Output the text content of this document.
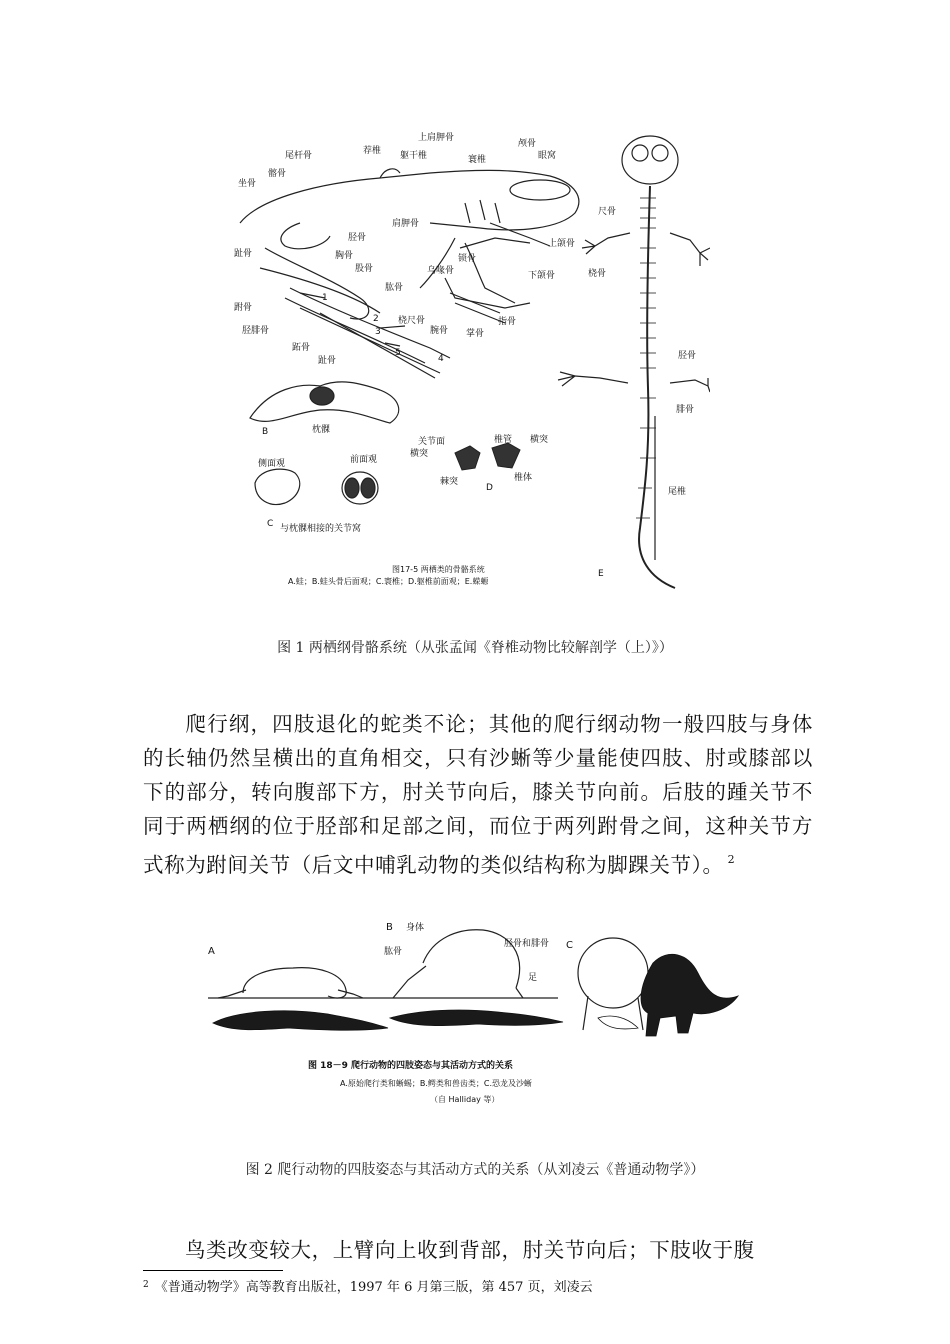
髂骨
尾杆骨
坐骨
趾骨
荐椎 躯干椎
上肩胛骨
寰椎
颅骨
眼窝
肩胛骨
上颌骨
下颌骨
胸骨
股骨
锁骨
乌喙骨
肱骨
跗骨
胫腓骨
跖骨
趾骨
桡尺骨
腕骨 掌骨
指骨
胫骨
1
2
3
4
5
尺骨
桡骨
胫骨
腓骨
尾椎
E
B	枕髁
侧面观	前面观
C 与枕髁相接的关节窝
关节面
横突
棘突
D
椎管 横突
椎体
图17-5 两栖类的骨骼系统
A.蛙；B.蛙头骨后面观；C.寰椎；D.躯椎前面观；E.蝾螈
图 1 两栖纲骨骼系统（从张孟闻《脊椎动物比较解剖学（上）》）

爬行纲，四肢退化的蛇类不论；其他的爬行纲动物一般四肢与身体的长轴仍然呈横出的直角相交，只有沙蜥等少量能使四肢、肘或膝部以下的部分，转向腹部下方，肘关节向后，膝关节向前。后肢的踵关节不同于两栖纲的位于胫部和足部之间，而位于两列跗骨之间，这种关节方式称为跗间关节（后文中哺乳动物的类似结构称为脚踝关节）。 $^2$

A
B
C
身体
肱骨
胫骨和腓骨
足
图 18－9 爬行动物的四肢姿态与其活动方式的关系
A.原始爬行类和蜥蜴；B.鳄类和兽齿类；C.恐龙及沙蜥
（自 Halliday 等）
图 2 爬行动物的四肢姿态与其活动方式的关系（从刘凌云《普通动物学》）

鸟类改变较大，上臂向上收到背部，肘关节向后；下肢收于腹

$^2$ 《普通动物学》高等教育出版社，1997 年 6 月第三版，第 457 页，刘凌云
